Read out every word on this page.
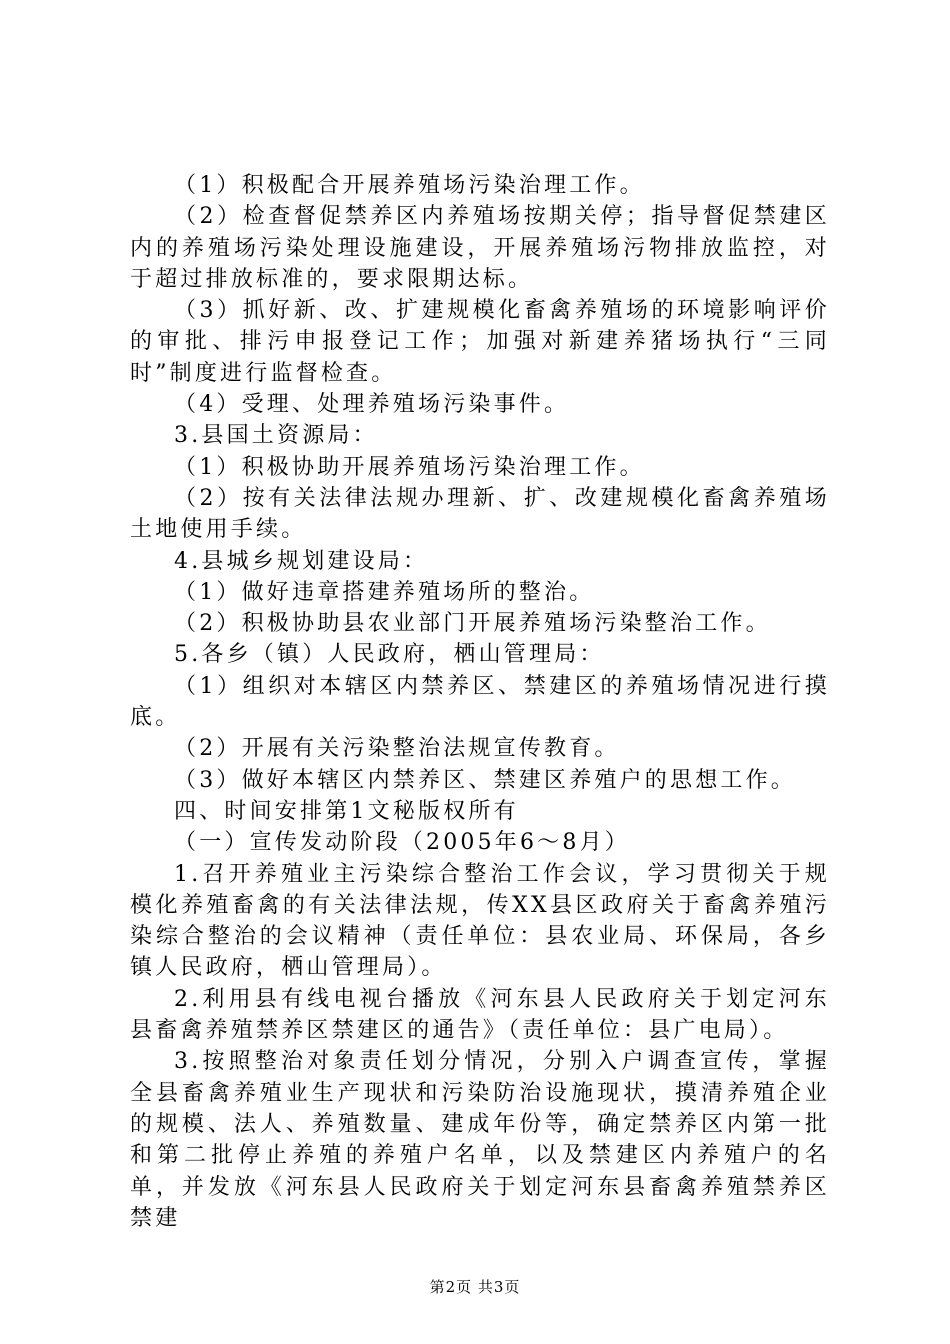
（1）积极配合开展养殖场污染治理工作。

（2）检查督促禁养区内养殖场按期关停；指导督促禁建区内的养殖场污染处理设施建设，开展养殖场污物排放监控，对于超过排放标准的，要求限期达标。

（3）抓好新、改、扩建规模化畜禽养殖场的环境影响评价的审批、排污申报登记工作；加强对新建养猪场执行“三同时”制度进行监督检查。

（4）受理、处理养殖场污染事件。

3.县国土资源局：

（1）积极协助开展养殖场污染治理工作。

（2）按有关法律法规办理新、扩、改建规模化畜禽养殖场土地使用手续。

4.县城乡规划建设局：

（1）做好违章搭建养殖场所的整治。

（2）积极协助县农业部门开展养殖场污染整治工作。

5.各乡（镇）人民政府，栖山管理局：

（1）组织对本辖区内禁养区、禁建区的养殖场情况进行摸底。

（2）开展有关污染整治法规宣传教育。

（3）做好本辖区内禁养区、禁建区养殖户的思想工作。

四、时间安排第1文秘版权所有

（一）宣传发动阶段（2005年6～8月）

1.召开养殖业主污染综合整治工作会议，学习贯彻关于规模化养殖畜禽的有关法律法规，传XX县区政府关于畜禽养殖污染综合整治的会议精神（责任单位：县农业局、环保局，各乡镇人民政府，栖山管理局）。

2.利用县有线电视台播放《河东县人民政府关于划定河东县畜禽养殖禁养区禁建区的通告》（责任单位：县广电局）。

3.按照整治对象责任划分情况，分别入户调查宣传，掌握全县畜禽养殖业生产现状和污染防治设施现状，摸清养殖企业的规模、法人、养殖数量、建成年份等，确定禁养区内第一批和第二批停止养殖的养殖户名单，以及禁建区内养殖户的名单，并发放《河东县人民政府关于划定河东县畜禽养殖禁养区禁建

第2页 共3页
